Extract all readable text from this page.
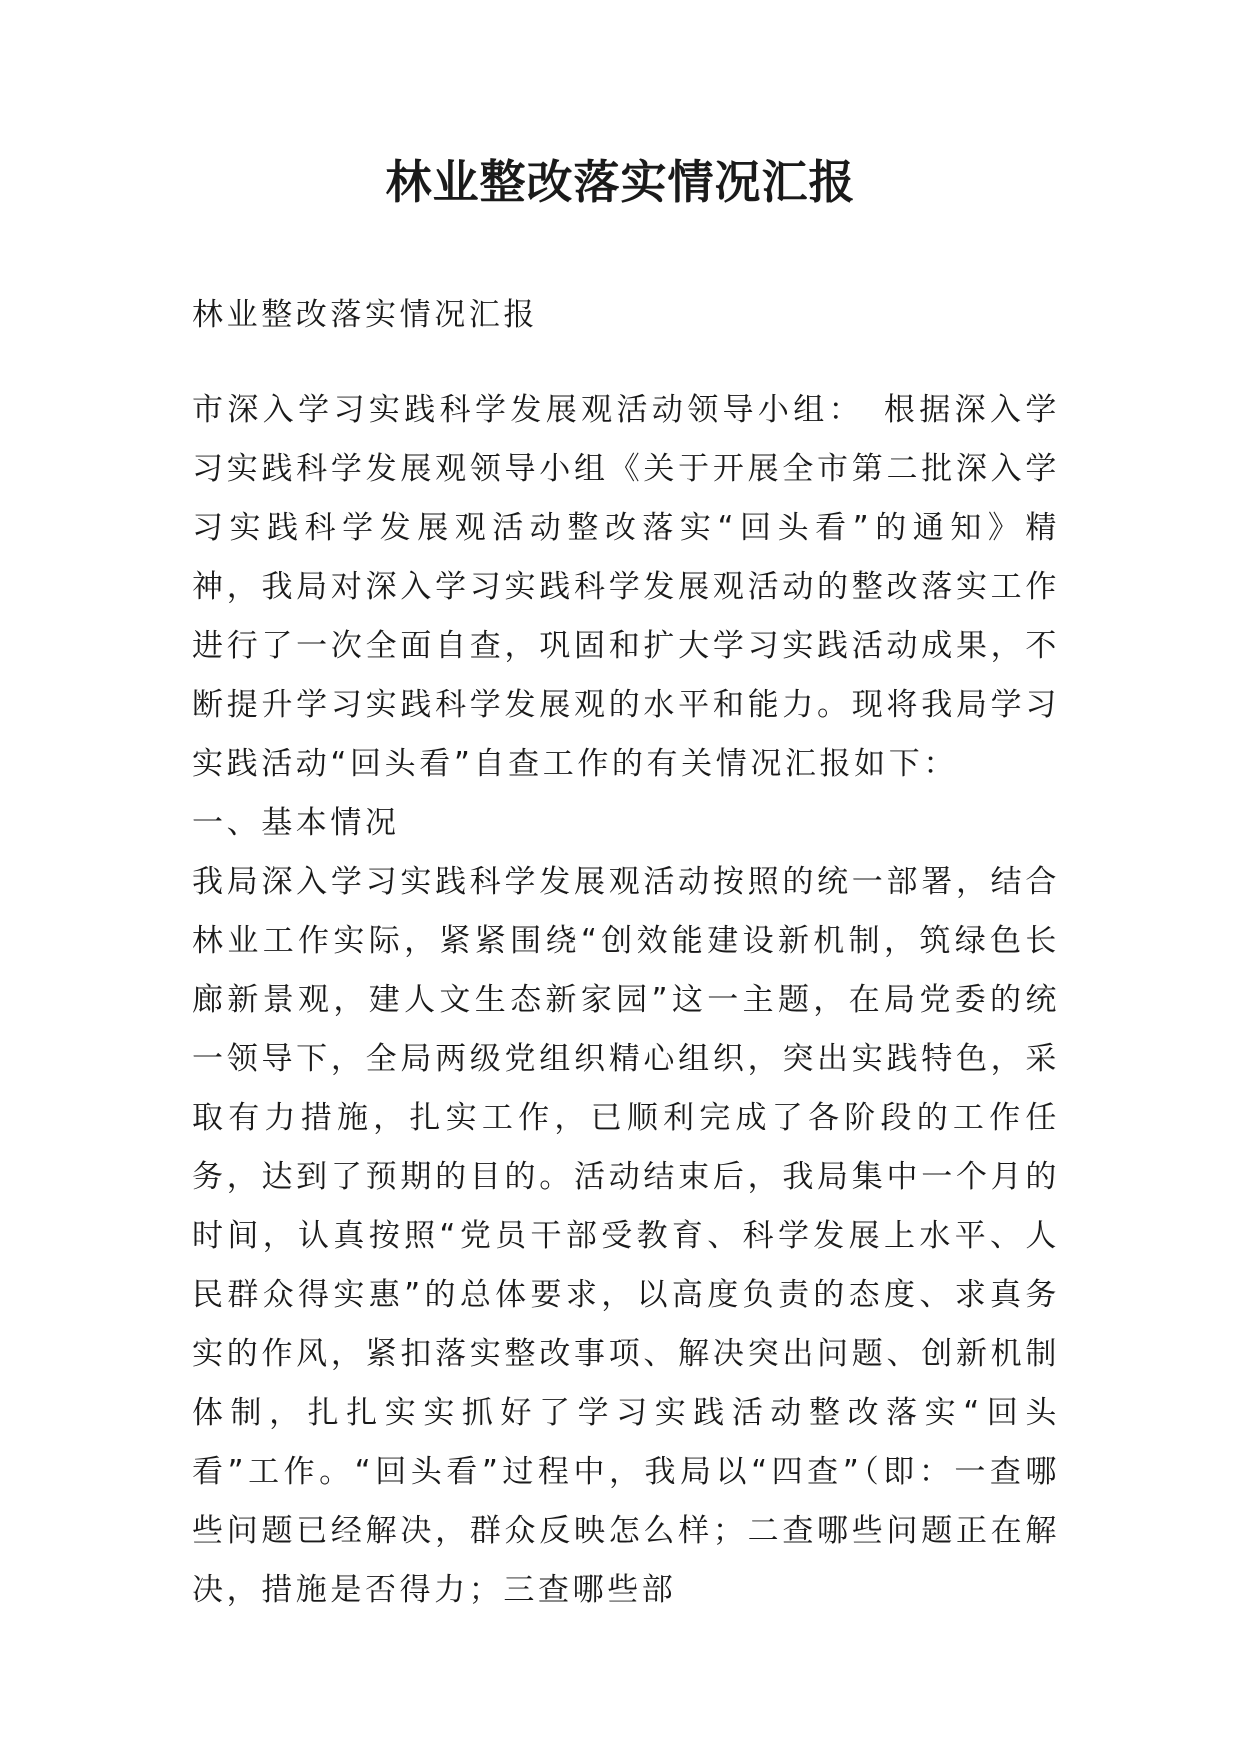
林业整改落实情况汇报

林业整改落实情况汇报

市深入学习实践科学发展观活动领导小组：　根据深入学习实践科学发展观领导小组《关于开展全市第二批深入学习实践科学发展观活动整改落实“回头看”的通知》精神，我局对深入学习实践科学发展观活动的整改落实工作进行了一次全面自查，巩固和扩大学习实践活动成果，不断提升学习实践科学发展观的水平和能力。现将我局学习实践活动“回头看”自查工作的有关情况汇报如下：

一、基本情况

我局深入学习实践科学发展观活动按照的统一部署，结合林业工作实际，紧紧围绕“创效能建设新机制，筑绿色长廊新景观，建人文生态新家园”这一主题，在局党委的统一领导下，全局两级党组织精心组织，突出实践特色，采取有力措施，扎实工作，已顺利完成了各阶段的工作任务，达到了预期的目的。活动结束后，我局集中一个月的时间，认真按照“党员干部受教育、科学发展上水平、人民群众得实惠”的总体要求，以高度负责的态度、求真务实的作风，紧扣落实整改事项、解决突出问题、创新机制体制，扎扎实实抓好了学习实践活动整改落实“回头看”工作。“回头看”过程中，我局以“四查”（即：一查哪些问题已经解决，群众反映怎么样；二查哪些问题正在解决，措施是否得力；三查哪些部
